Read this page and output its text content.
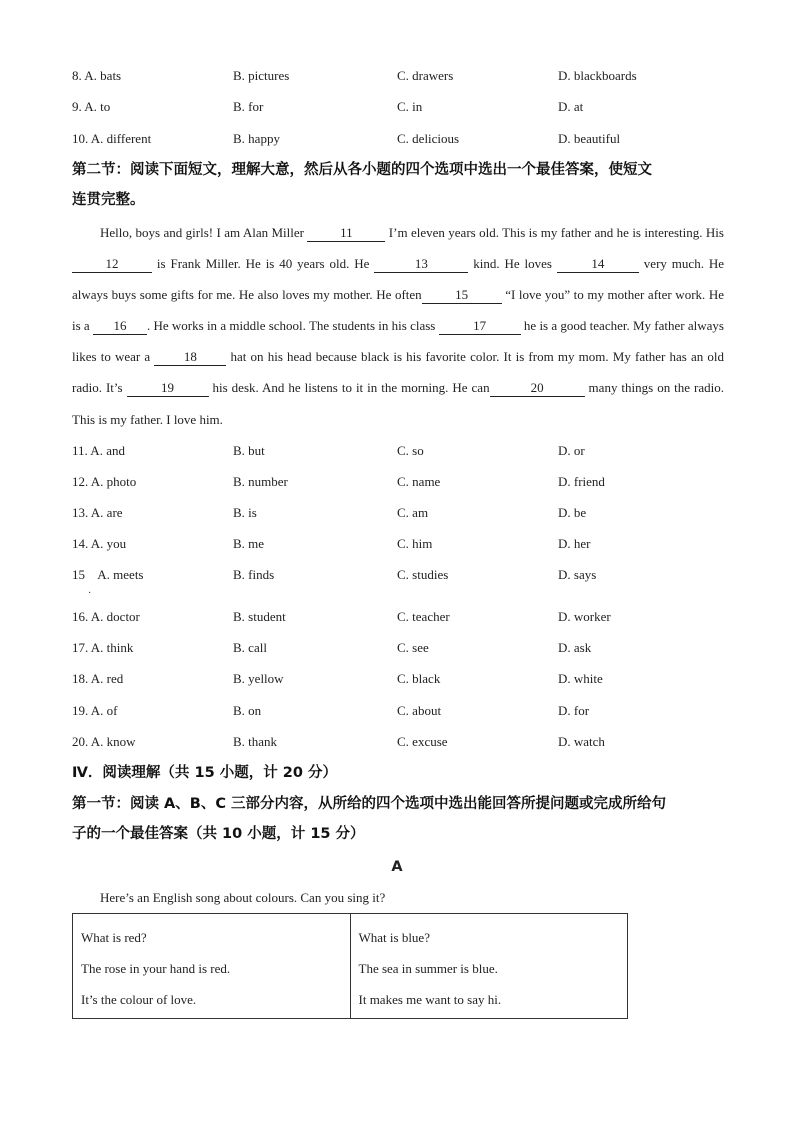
8. A. bats	B. pictures	C. drawers	D. blackboards
9. A. to	B. for	C. in	D. at
10. A. different	B. happy	C. delicious	D. beautiful
第二节：阅读下面短文，理解大意，然后从各小题的四个选项中选出一个最佳答案，使短文
连贯完整。

Hello, boys and girls! I am Alan Miller	11	I’m eleven years old. This is my father and he is interesting. His 12	is Frank Miller. He is 40 years old. He	13	kind. He loves	14	very much. He always buys some gifts for me. He also loves my mother. He often	15	“I love you” to my mother after work. He is a 16 . He works in a middle school. The students in his class	17	he is a good teacher. My father always likes to wear a 18 hat on his head because black is his favorite color. It is from my mom. My father has an old radio. It’s	19	his desk. And he listens to it in the morning. He can	20	many things on the radio. This is my father. I love him.

11. A. and	B. but	C. so	D. or
12. A. photo	B. number	C. name	D. friend
13. A. are	B. is	C. am	D. be
14. A. you	B. me	C. him	D. her
15    A. meets	B. finds	C. studies	D. says
·
16. A. doctor	B. student	C. teacher	D. worker
17. A. think	B. call	C. see	D. ask
18. A. red	B. yellow	C. black	D. white
19. A. of	B. on	C. about	D. for
20. A. know	B. thank	C. excuse	D. watch
Ⅳ．阅读理解（共 15 小题，计 20 分）
第一节：阅读 A、B、C 三部分内容，从所给的四个选项中选出能回答所提问题或完成所给句
子的一个最佳答案（共 10 小题，计 15 分）
A
Here’s an English song about colours. Can you sing it?
What is red?
The rose in your hand is red.
It’s the colour of love.

What is blue?
The sea in summer is blue.
It makes me want to say hi.
